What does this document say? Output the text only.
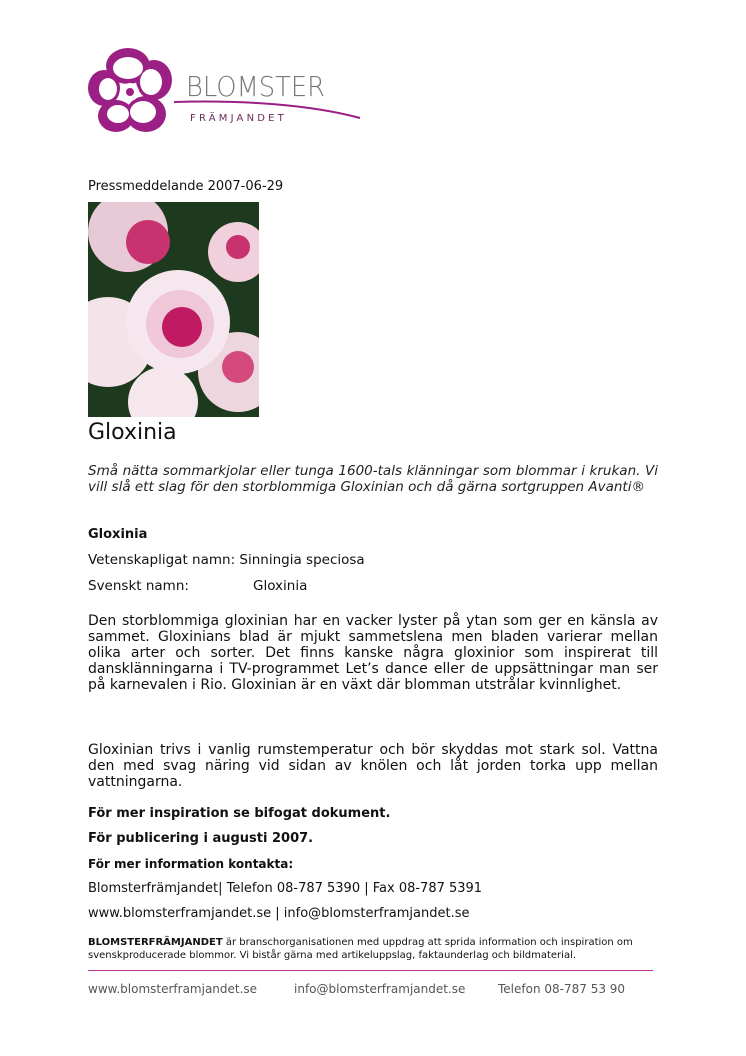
BLOMSTER
FRÄMJANDET
Pressmeddelande 2007-06-29
Gloxinia
Små nätta sommarkjolar eller tunga 1600-tals klänningar som blommar i krukan. Vi vill slå ett slag för den storblommiga Gloxinian och då gärna sortgruppen Avanti®
Gloxinia
Vetenskapligat namn: Sinningia speciosa
Svenskt namn:	Gloxinia
Den storblommiga gloxinian har en vacker lyster på ytan som ger en känsla av sammet. Gloxinians blad är mjukt sammetslena men bladen varierar mellan olika arter och sorter. Det finns kanske några gloxinior som inspirerat till dansklänningarna i TV-programmet Let’s dance eller de uppsättningar man ser på karnevalen i Rio. Gloxinian är en växt där blomman utstrålar kvinnlighet.
Gloxinian trivs i vanlig rumstemperatur och bör skyddas mot stark sol. Vattna den med svag näring vid sidan av knölen och låt jorden torka upp mellan vattningarna.
För mer inspiration se bifogat dokument.
För publicering i augusti 2007.
För mer information kontakta:
Blomsterfrämjandet| Telefon 08-787 5390 | Fax 08-787 5391
www.blomsterframjandet.se | info@blomsterframjandet.se
BLOMSTERFRÄMJANDET är branschorganisationen med uppdrag att sprida information och inspiration om svenskproducerade blommor. Vi bistår gärna med artikeluppslag, faktaunderlag och bildmaterial.
www.blomsterframjandet.se	info@blomsterframjandet.se	Telefon 08-787 53 90
